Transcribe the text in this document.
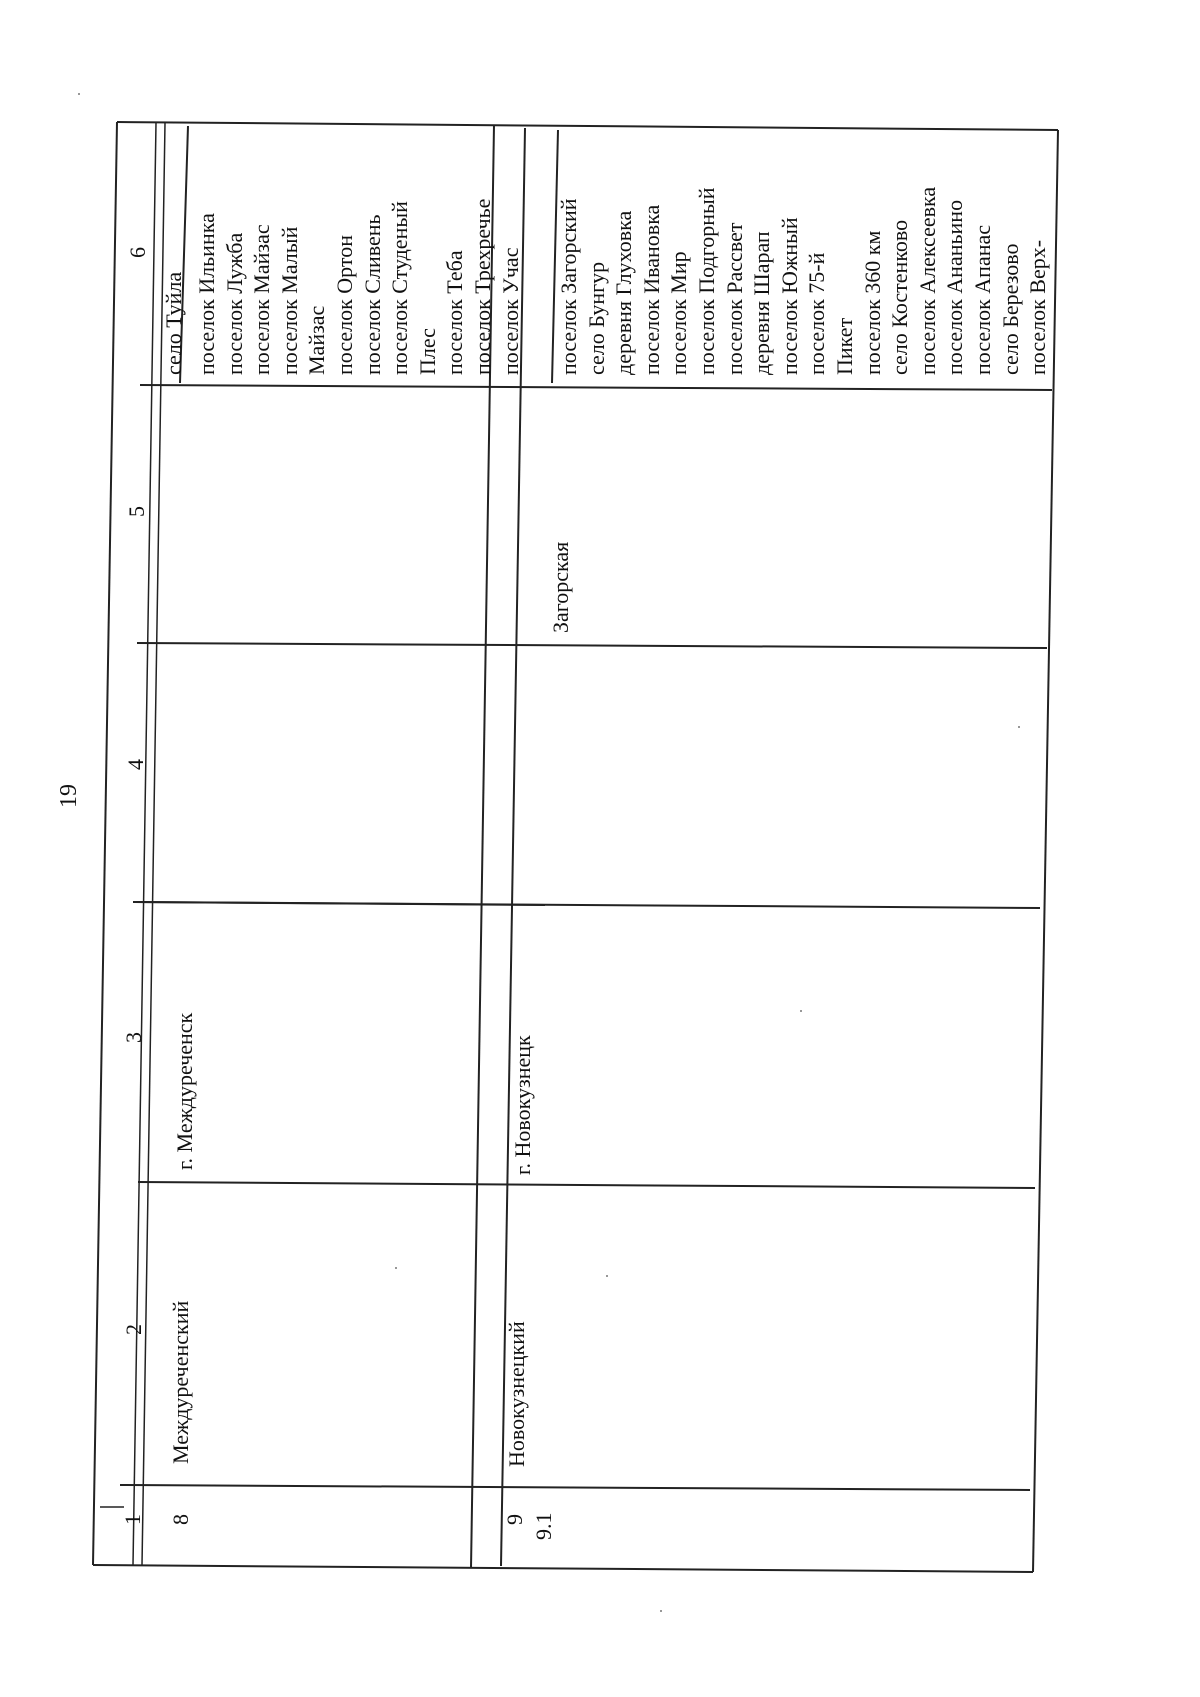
19
1
2
3
4
5
6
8
Междуреченский
г. Междуреченск
село Туйла поселок Ильинка поселок Лужба поселок Майзас поселок Малый Майзас поселок Ортон поселок Сливень поселок Студеный Плес поселок Теба поселок Трехречье поселок Учас
9
Новокузнецкий
г. Новокузнецк
9.1
Загорская
поселок Загорский село Бунгур деревня Глуховка поселок Ивановка поселок Мир поселок Подгорный поселок Рассвет деревня Шарап поселок Южный поселок 75-й Пикет поселок 360 км село Костенково поселок Алексеевка поселок Ананьино поселок Апанас село Березово поселок Верх-
